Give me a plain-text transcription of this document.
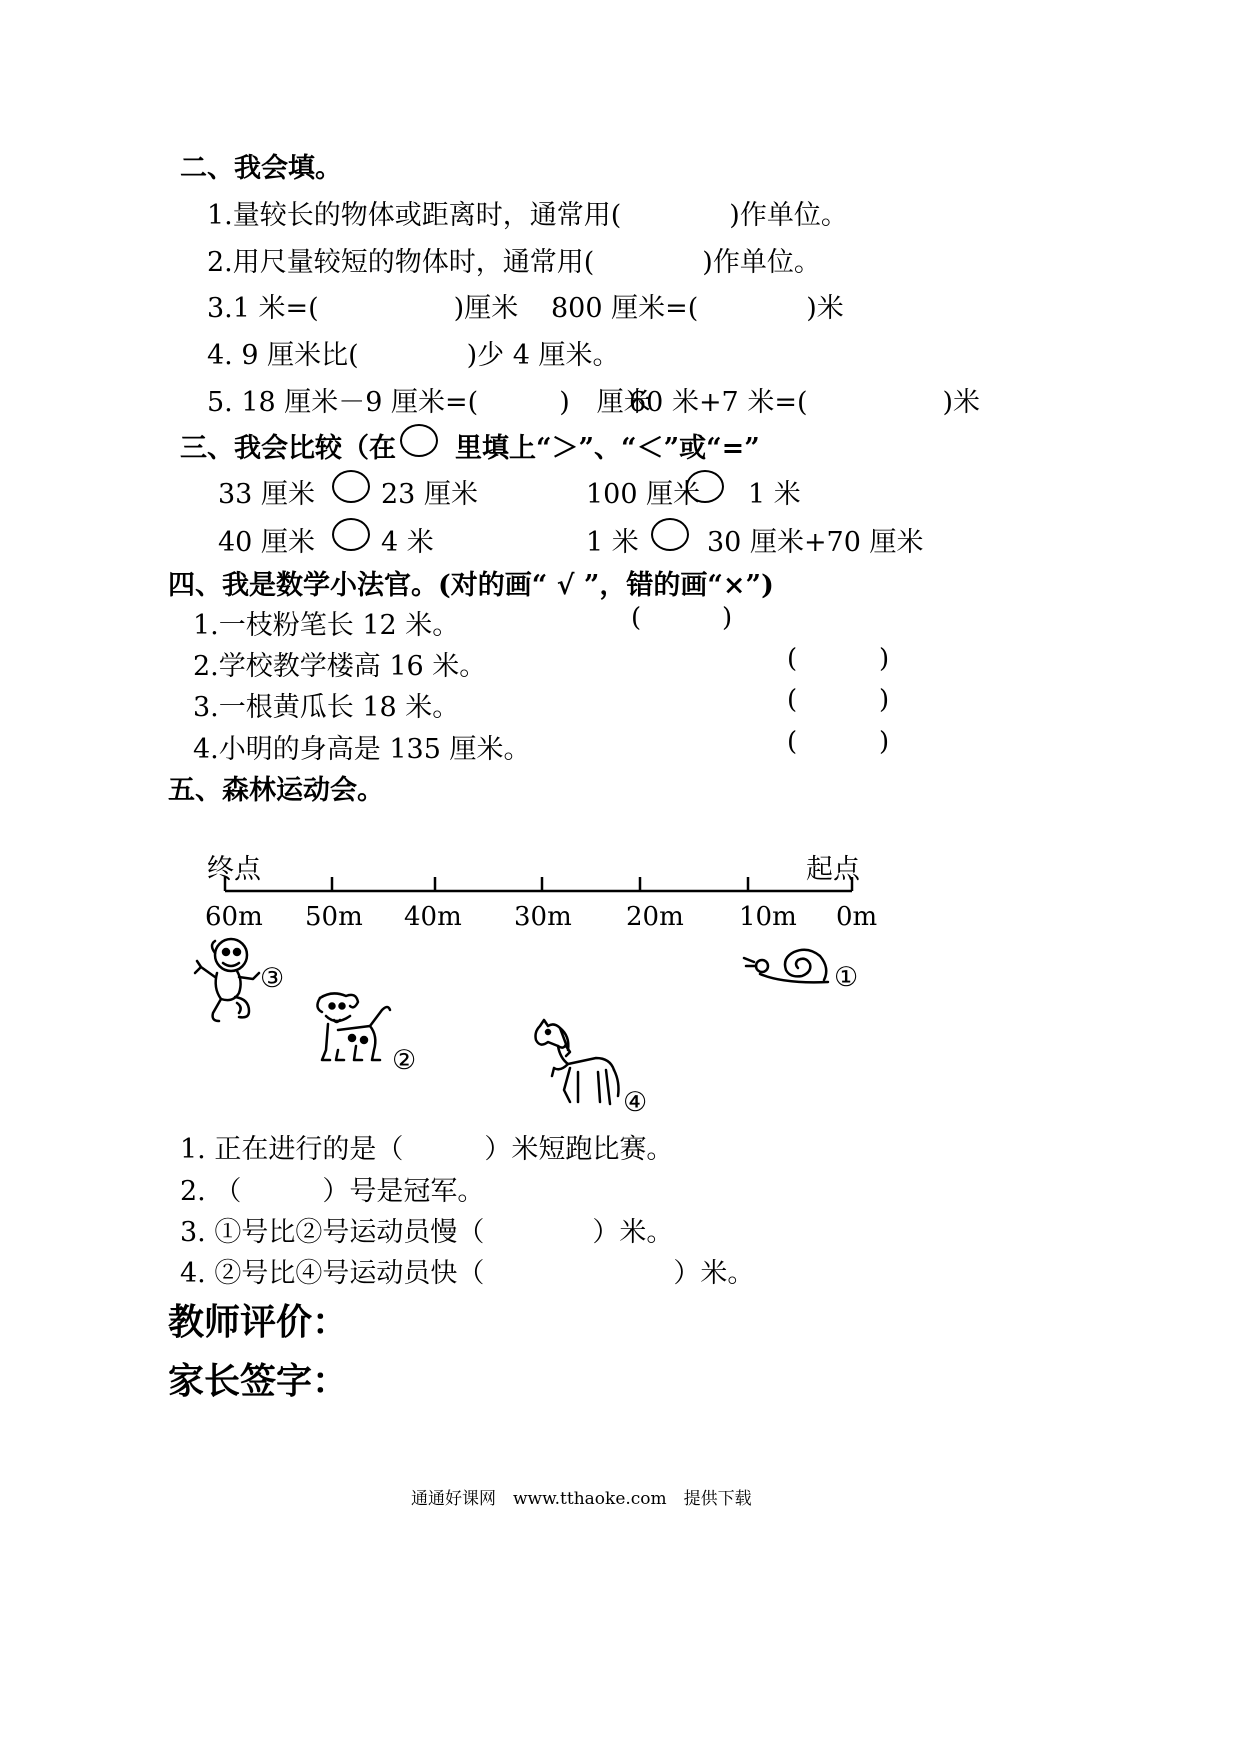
二、我会填。
1.量较长的物体或距离时，通常用(　　　　)作单位。
2.用尺量较短的物体时，通常用(　　　　)作单位。
3.1 米=(　　　　　)厘米 800 厘米=(　　　　)米
4. 9 厘米比(　　　　)少 4 厘米。
5. 18 厘米－9 厘米=(　　　)　厘米
60 米+7 米=(　　　　　)米
三、我会比较（在 里填上“＞”、“＜”或“=”
33 厘米 23 厘米	100 厘米 1 米
40 厘米 4 米	1 米	30 厘米+70 厘米
四、我是数学小法官。(对的画“ √ ”，错的画“×”)
1.一枝粉笔长 12 米。	(	)
2.学校教学楼高 16 米。	(	)
3.一根黄瓜长 18 米。	(	)
4.小明的身高是 135 厘米。	(	)
五、森林运动会。
终点	起点
60m 50m 40m 30m 20m 10m 0m
③
②
④
①
1. 正在进行的是（　　　）米短跑比赛。
2. （　　　）号是冠军。
3. ①号比②号运动员慢（　　　　）米。
4. ②号比④号运动员快（　　　　　　　）米。
教师评价：
家长签字：
通通好课网　www.tthaoke.com　提供下载
